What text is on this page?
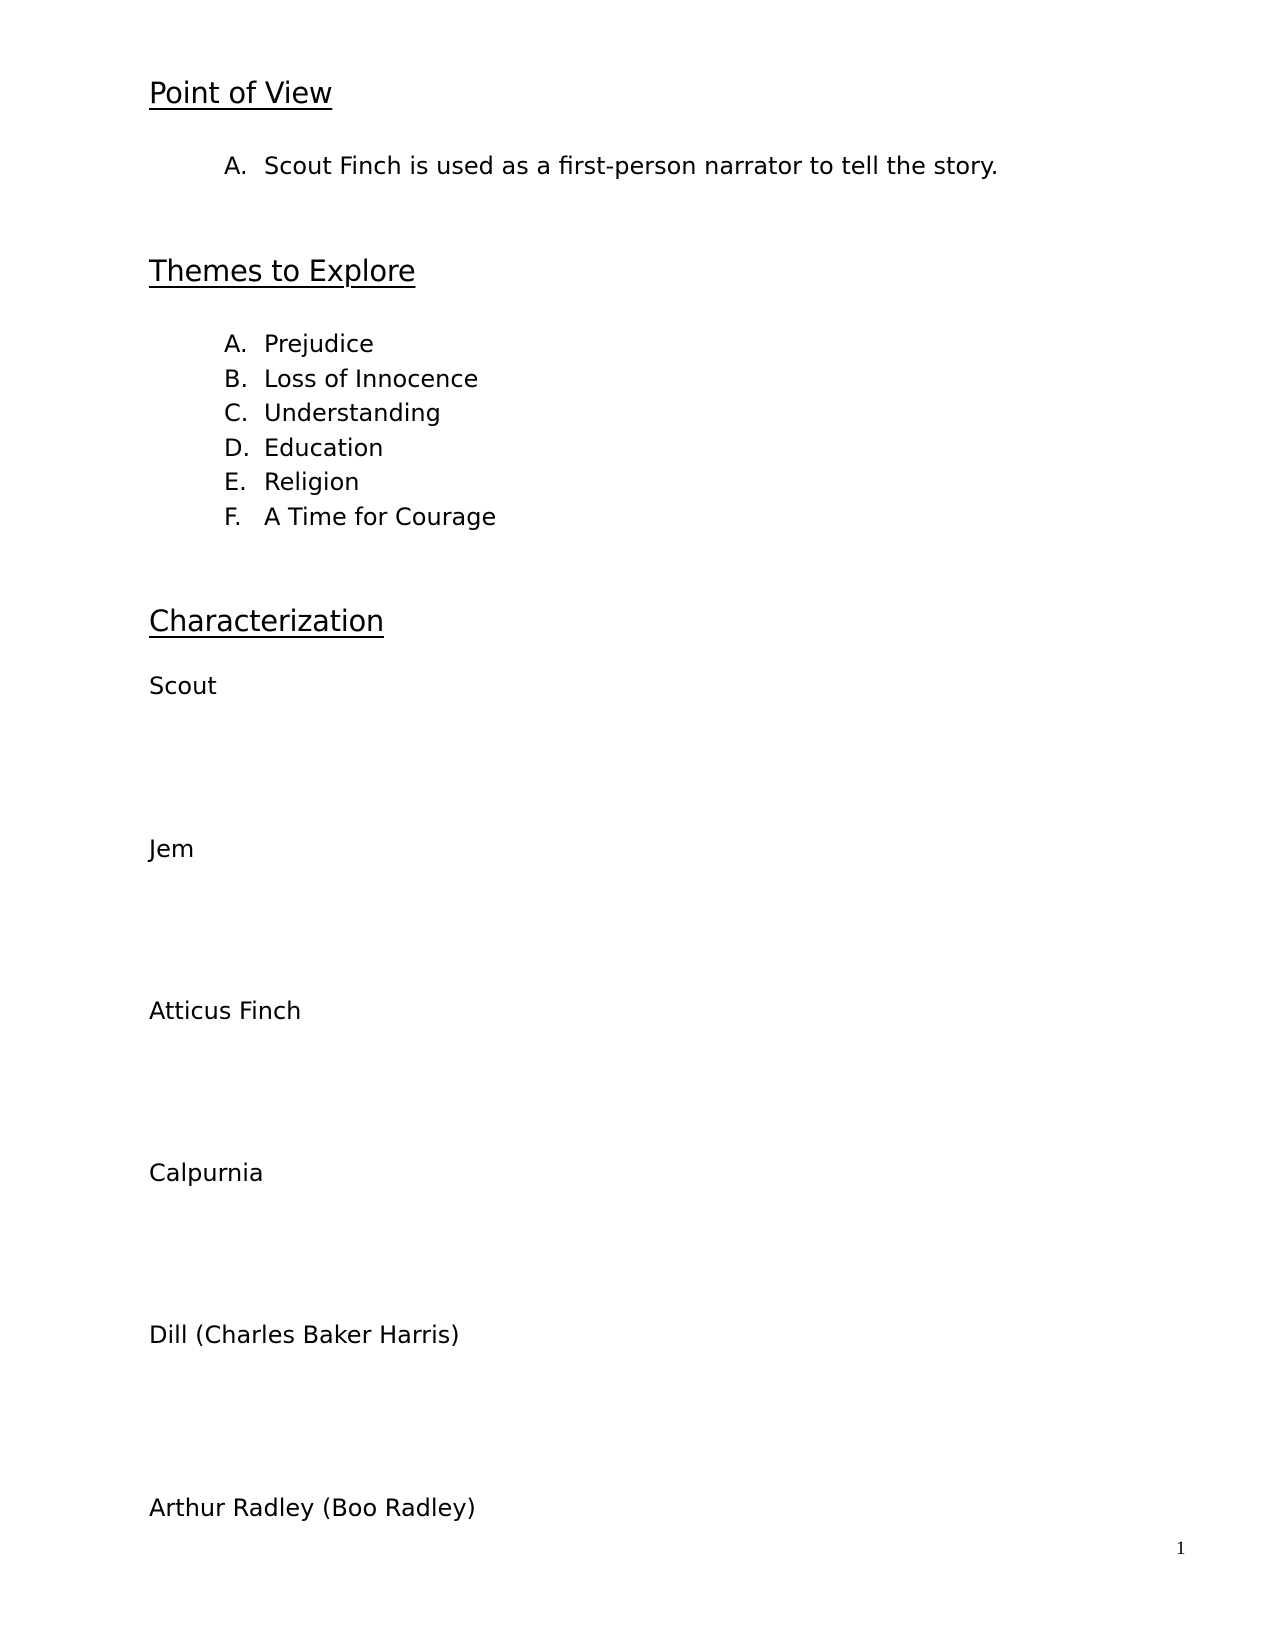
Point of View
A. Scout Finch is used as a first-person narrator to tell the story.
Themes to Explore
A. Prejudice
B. Loss of Innocence
C. Understanding
D. Education
E. Religion
F. A Time for Courage
Characterization
Scout
Jem
Atticus Finch
Calpurnia
Dill (Charles Baker Harris)
Arthur Radley (Boo Radley)
1
